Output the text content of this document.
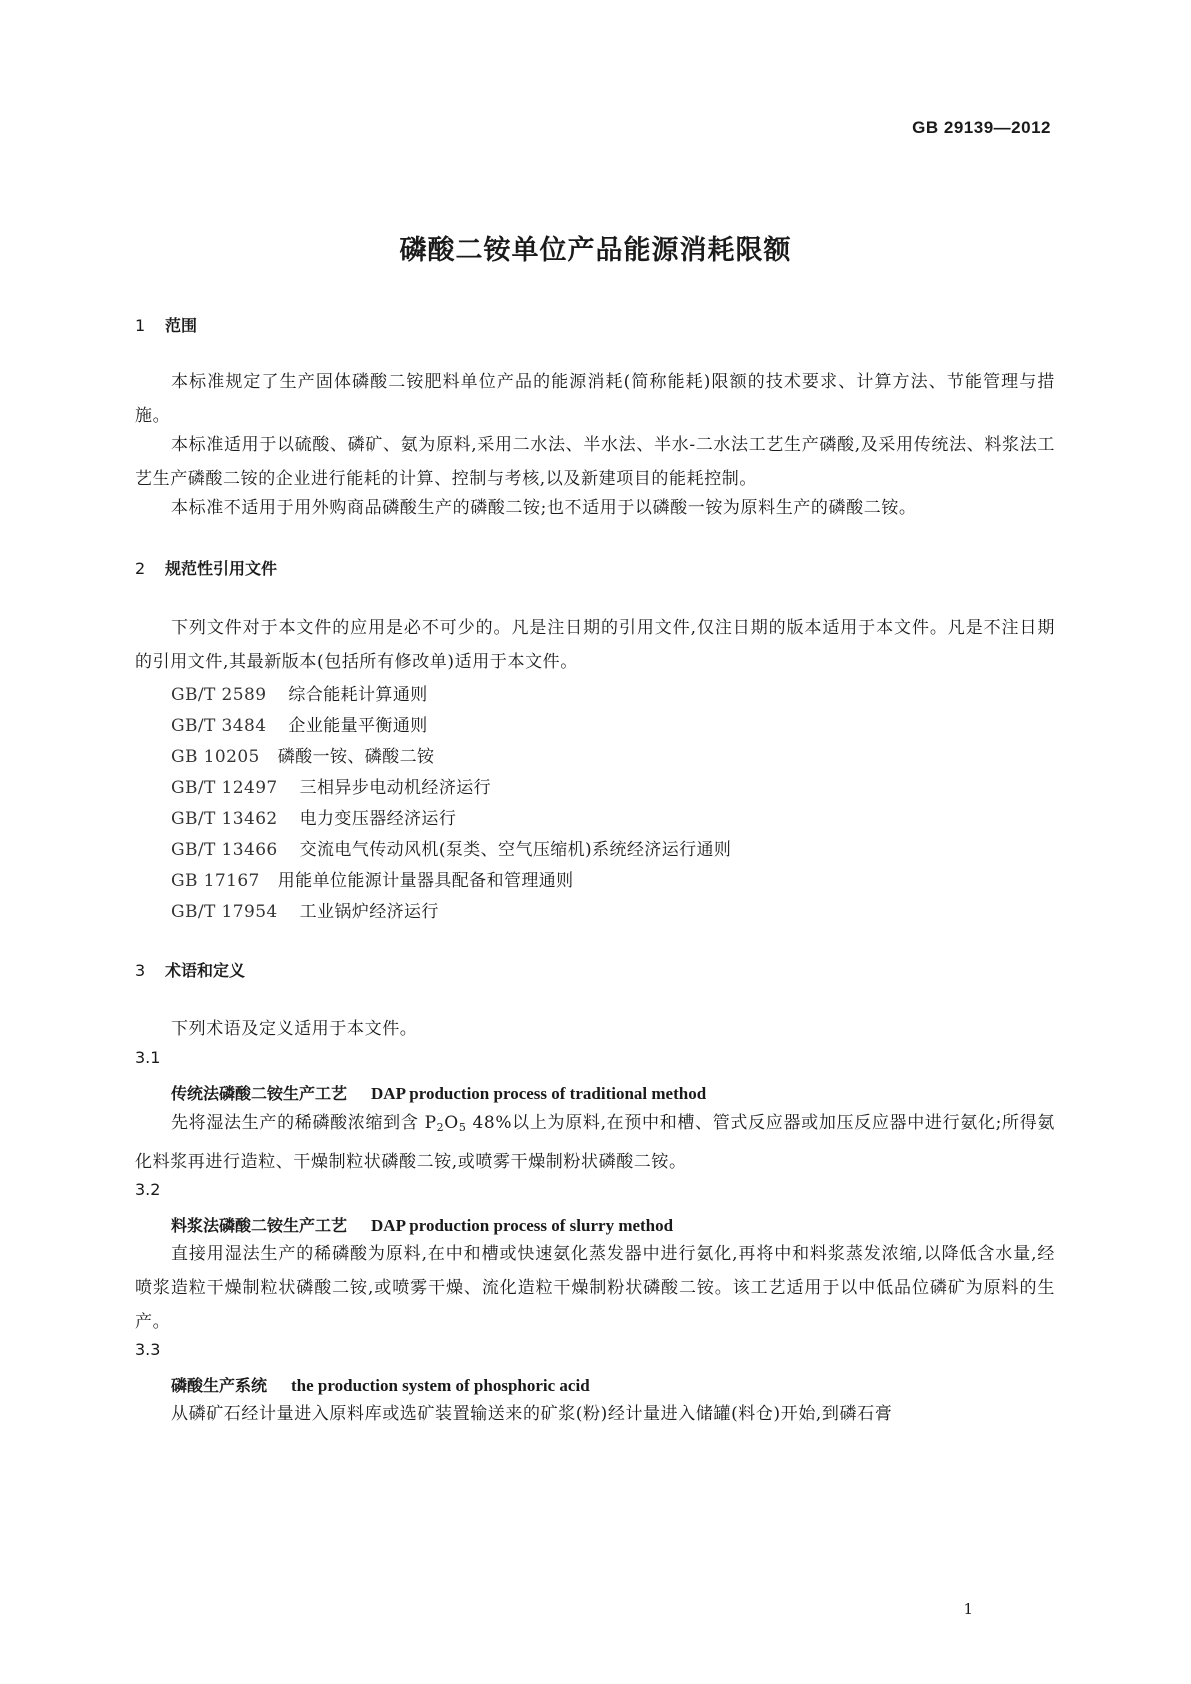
GB 29139—2012
磷酸二铵单位产品能源消耗限额
1 范围
本标准规定了生产固体磷酸二铵肥料单位产品的能源消耗(简称能耗)限额的技术要求、计算方法、节能管理与措施。
本标准适用于以硫酸、磷矿、氨为原料,采用二水法、半水法、半水-二水法工艺生产磷酸,及采用传统法、料浆法工艺生产磷酸二铵的企业进行能耗的计算、控制与考核,以及新建项目的能耗控制。
本标准不适用于用外购商品磷酸生产的磷酸二铵;也不适用于以磷酸一铵为原料生产的磷酸二铵。
2 规范性引用文件
下列文件对于本文件的应用是必不可少的。凡是注日期的引用文件,仅注日期的版本适用于本文件。凡是不注日期的引用文件,其最新版本(包括所有修改单)适用于本文件。
GB/T 2589 综合能耗计算通则
GB/T 3484 企业能量平衡通则
GB 10205 磷酸一铵、磷酸二铵
GB/T 12497 三相异步电动机经济运行
GB/T 13462 电力变压器经济运行
GB/T 13466 交流电气传动风机(泵类、空气压缩机)系统经济运行通则
GB 17167 用能单位能源计量器具配备和管理通则
GB/T 17954 工业锅炉经济运行
3 术语和定义
下列术语及定义适用于本文件。
3.1
传统法磷酸二铵生产工艺 DAP production process of traditional method
先将湿法生产的稀磷酸浓缩到含 $P_2O_5$ 48%以上为原料,在预中和槽、管式反应器或加压反应器中进行氨化;所得氨化料浆再进行造粒、干燥制粒状磷酸二铵,或喷雾干燥制粉状磷酸二铵。
3.2
料浆法磷酸二铵生产工艺 DAP production process of slurry method
直接用湿法生产的稀磷酸为原料,在中和槽或快速氨化蒸发器中进行氨化,再将中和料浆蒸发浓缩,以降低含水量,经喷浆造粒干燥制粒状磷酸二铵,或喷雾干燥、流化造粒干燥制粉状磷酸二铵。该工艺适用于以中低品位磷矿为原料的生产。
3.3
磷酸生产系统 the production system of phosphoric acid
从磷矿石经计量进入原料库或选矿装置输送来的矿浆(粉)经计量进入储罐(料仓)开始,到磷石膏
1
